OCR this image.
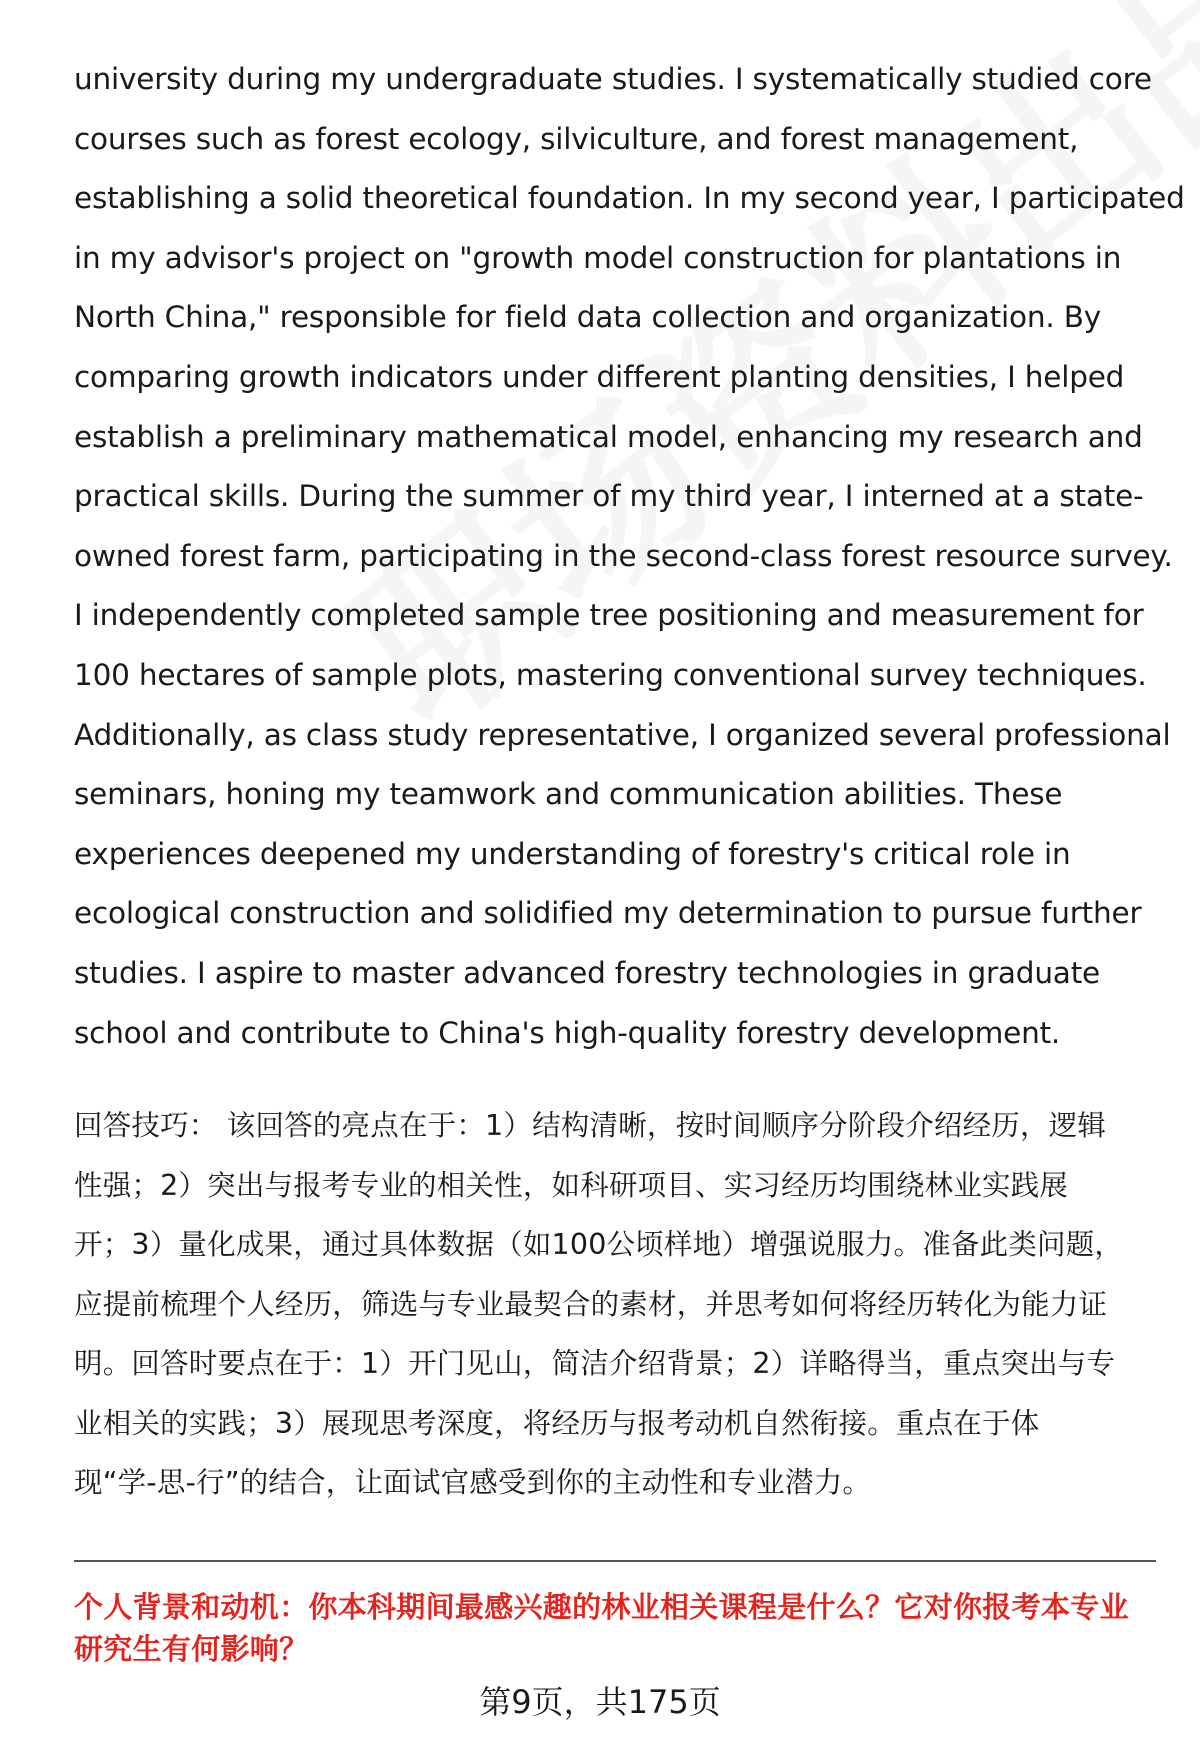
university during my undergraduate studies. I systematically studied core
courses such as forest ecology, silviculture, and forest management,
establishing a solid theoretical foundation. In my second year, I participated
in my advisor's project on "growth model construction for plantations in
North China," responsible for field data collection and organization. By
comparing growth indicators under different planting densities, I helped
establish a preliminary mathematical model, enhancing my research and
practical skills. During the summer of my third year, I interned at a state-
owned forest farm, participating in the second-class forest resource survey.
I independently completed sample tree positioning and measurement for
100 hectares of sample plots, mastering conventional survey techniques.
Additionally, as class study representative, I organized several professional
seminars, honing my teamwork and communication abilities. These
experiences deepened my understanding of forestry's critical role in
ecological construction and solidified my determination to pursue further
studies. I aspire to master advanced forestry technologies in graduate
school and contribute to China's high-quality forestry development.
回答技巧： 该回答的亮点在于：1）结构清晰，按时间顺序分阶段介绍经历，逻辑
性强；2）突出与报考专业的相关性，如科研项目、实习经历均围绕林业实践展
开；3）量化成果，通过具体数据（如100公顷样地）增强说服力。准备此类问题，
应提前梳理个人经历，筛选与专业最契合的素材，并思考如何将经历转化为能力证
明。回答时要点在于：1）开门见山，简洁介绍背景；2）详略得当，重点突出与专
业相关的实践；3）展现思考深度，将经历与报考动机自然衔接。重点在于体
现“学-思-行”的结合，让面试官感受到你的主动性和专业潜力。
个人背景和动机：你本科期间最感兴趣的林业相关课程是什么？它对你报考本专业
研究生有何影响？
第9页，共175页
